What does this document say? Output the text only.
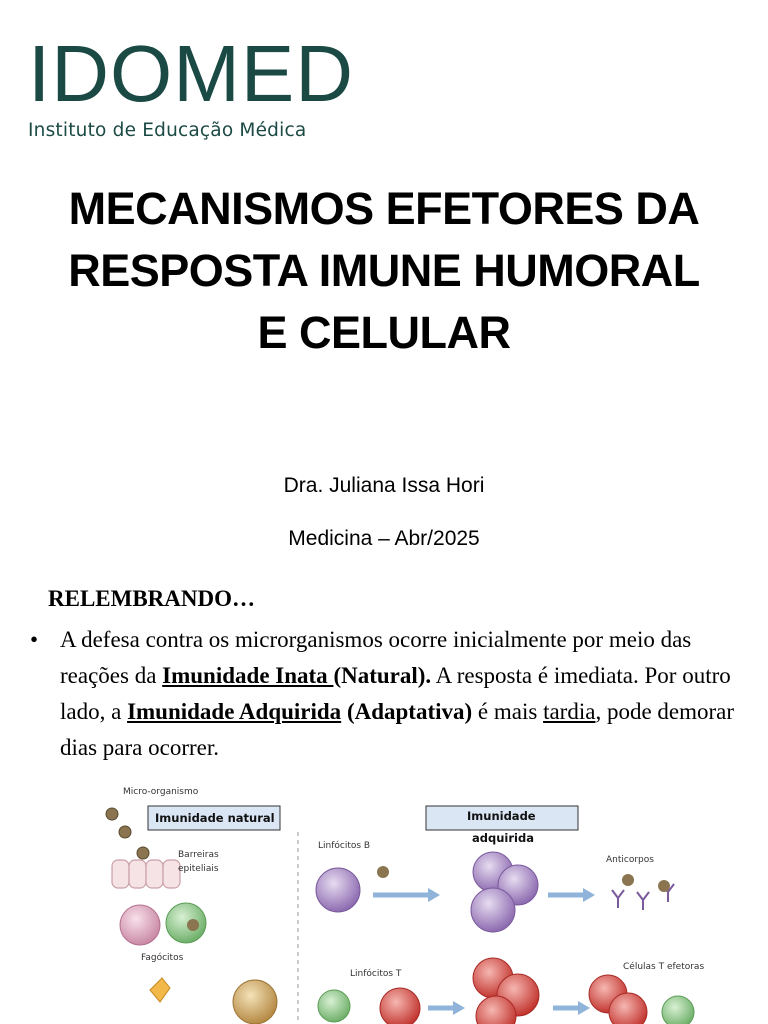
IDOMED
Instituto de Educação Médica
MECANISMOS EFETORES DA
RESPOSTA IMUNE HUMORAL
E CELULAR
Dra. Juliana Issa Hori
Medicina – Abr/2025
RELEMBRANDO…
• A defesa contra os microrganismos ocorre inicialmente por meio das reações da Imunidade Inata (Natural). A resposta é imediata. Por outro lado, a Imunidade Adquirida (Adaptativa) é mais tardia, pode demorar dias para ocorrer.
Micro-organismo
Imunidade natural
Barreiras
epiteliais
Fagócitos
Imunidade
adquirida
Linfócitos B
Anticorpos
Linfócitos T
Células T efetoras
